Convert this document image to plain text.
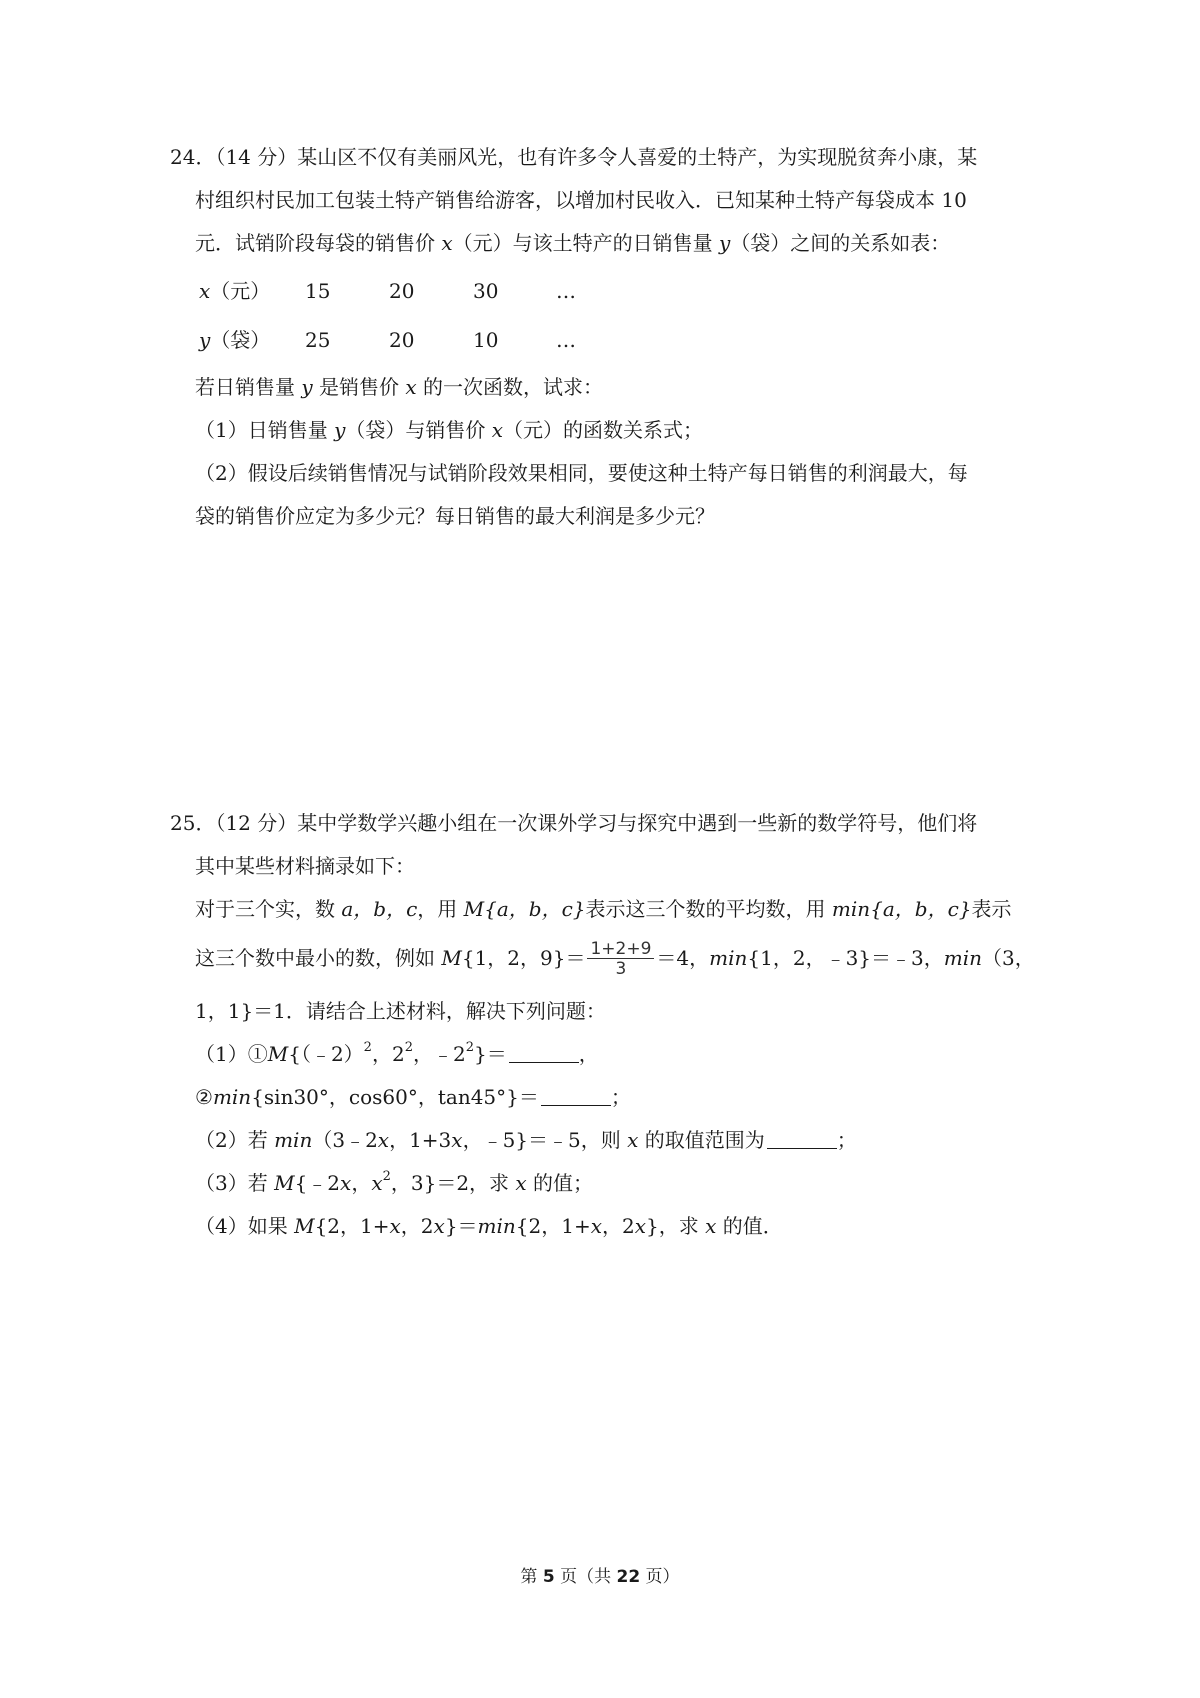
24．（14 分）某山区不仅有美丽风光，也有许多令人喜爱的土特产，为实现脱贫奔小康，某
村组织村民加工包装土特产销售给游客，以增加村民收入．已知某种土特产每袋成本 10
元．试销阶段每袋的销售价 x（元）与该土特产的日销售量 y（袋）之间的关系如表：
x（元） 15	20	30	…
y（袋） 25	20	10	…
若日销售量 y 是销售价 x 的一次函数，试求：
（1）日销售量 y（袋）与销售价 x（元）的函数关系式；
（2）假设后续销售情况与试销阶段效果相同，要使这种土特产每日销售的利润最大，每
袋的销售价应定为多少元？每日销售的最大利润是多少元？
25．（12 分）某中学数学兴趣小组在一次课外学习与探究中遇到一些新的数学符号，他们将
其中某些材料摘录如下：
对于三个实，数 a，b，c，用 M{a，b，c}表示这三个数的平均数，用 min{a，b，c}表示
这三个数中最小的数，例如 M{1，2，$9\}= \frac{1+2+9}{3} =4$，min{1，2，﹣3}＝﹣3，min（3，
1，1}＝1．请结合上述材料，解决下列问题：
（1）①M{（﹣2）$^2$，$2^2$，$﹣2^2\}=$	，
②min{sin30°，cos60°，tan45°}＝	；
（2）若 min（3﹣2x，1+3x，﹣5}＝﹣5，则 x 的取值范围为	；
（3）若 M{﹣2x，$x^2$，3}＝2，求 x 的值；
（4）如果 M{2，1+x，2x}＝min{2，1+x，2x}，求 x 的值．
第 5 页（共 22 页）
